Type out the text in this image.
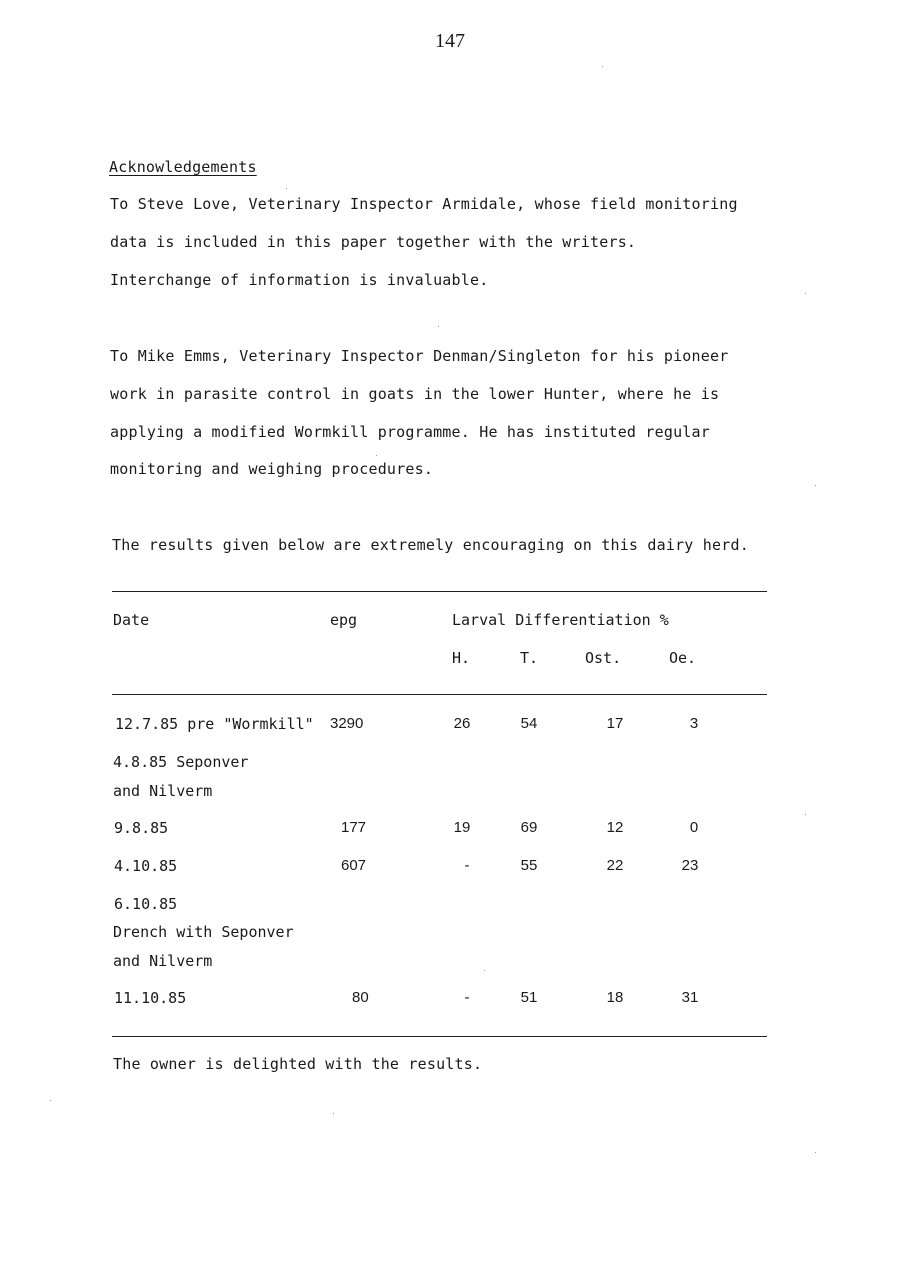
147
Acknowledgements
To Steve Love, Veterinary Inspector Armidale, whose field monitoring
data is included in this paper together with the writers.
Interchange of information is invaluable.
To Mike Emms, Veterinary Inspector Denman/Singleton for his pioneer
work in parasite control in goats in the lower Hunter, where he is
applying a modified Wormkill programme. He has instituted regular
monitoring and weighing procedures.
The results given below are extremely encouraging on this dairy herd.
Date	epg	Larval Differentiation %
H.	T.	Ost.	Oe.
12.7.85 pre "Wormkill" 3290	26	54	17	3
4.8.85 Seponver
and Nilverm
9.8.85	177	19	69	12	0
4.10.85	607	-	55	22	23
6.10.85
Drench with Seponver
and Nilverm
11.10.85	80	-	51	18	31
The owner is delighted with the results.
